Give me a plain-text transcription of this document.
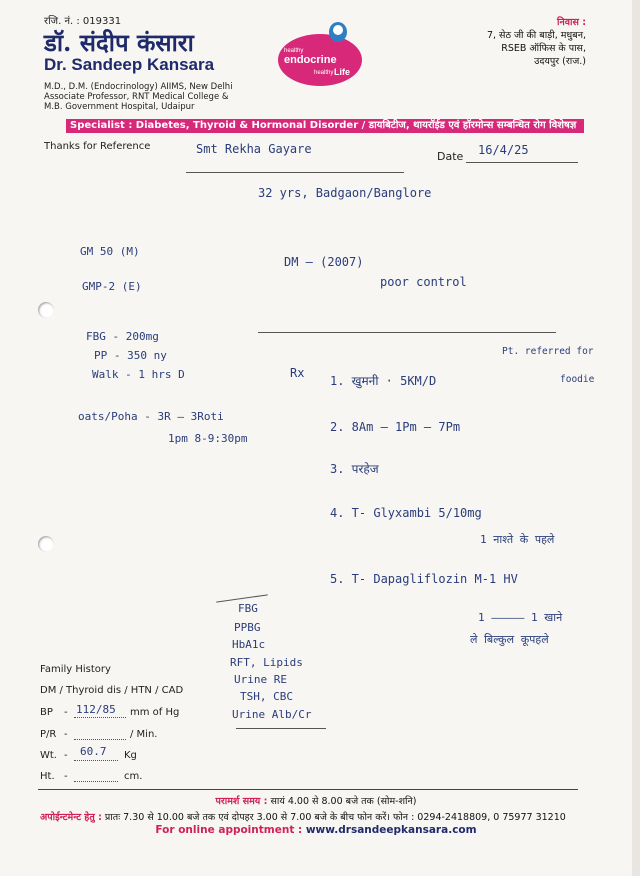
रजि. नं. : 019331
डॉ. संदीप कंसारा
Dr. Sandeep Kansara
M.D., D.M. (Endocrinology) AIIMS, New Delhi
Associate Professor, RNT Medical College &
M.B. Government Hospital, Udaipur
healthy
endocrine
healthy Life
निवास :
7, सेठ जी की बाड़ी, मधुबन,
RSEB ऑफिस के पास,
उदयपुर (राज.)
Specialist : Diabetes, Thyroid & Hormonal Disorder / डायबिटीज, थायरॉईड एवं हॉरमोन्स सम्बन्धित रोग विशेषज्ञ
Thanks for Reference	Smt Rekha Gayare
Date 16/4/25
32 yrs, Badgaon/Banglore
GM 50 (M)
GMP-2 (E)
FBG - 200mg
PP - 350 ny
Walk - 1 hrs D
oats/Poha - 3R — 3Roti
1pm 8-9:30pm
DM — (2007)
poor control
Pt. referred for
foodie
Rx
1. खुमनी · 5KM/D
2. 8Am — 1Pm — 7Pm
3. परहेज
4. T- Glyxambi 5/10mg
1 नाश्ते के पहले
5. T- Dapagliflozin M-1 HV
1 ————— 1 खाने
ले बिल्कुल कूपहले
FBG
PPBG
HbA1c
RFT, Lipids
Urine RE
TSH, CBC
Urine Alb/Cr
Family History
DM / Thyroid dis / HTN / CAD
BP - 112/85 mm of Hg
P/R -	/ Min.
Wt. - 60.7 Kg
Ht. -	cm.
परामर्श समय : सायं 4.00 से 8.00 बजे तक (सोम-शनि)
अपोईन्टमेन्ट हेतु : प्रातः 7.30 से 10.00 बजे तक एवं दोपहर 3.00 से 7.00 बजे के बीच फोन करें। फोन : 0294-2418809, 0 75977 31210
For online appointment : www.drsandeepkansara.com
